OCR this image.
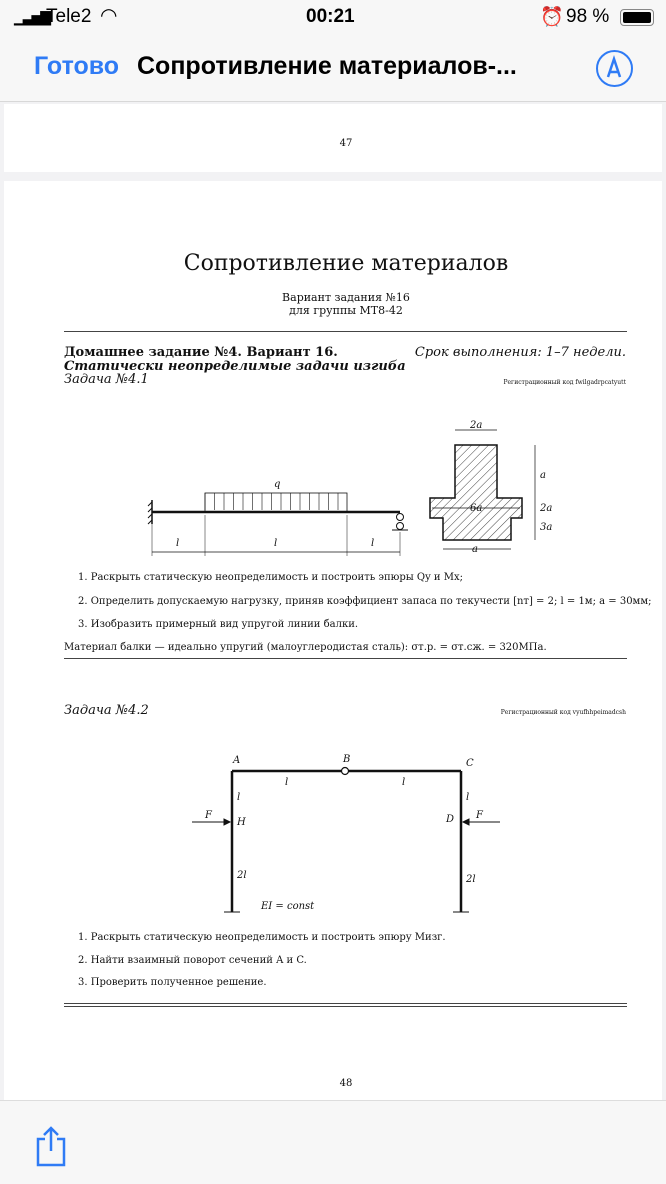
▁▃▅▇
Tele2 ◠	00:21	⏰ 98 %
Готово Сопротивление материалов-...
47
Сопротивление материалов
Вариант задания №16
для группы МТ8-42
Домашнее задание №4. Вариант 16.	Срок выполнения: 1–7 недели.
Статически неопределимые задачи изгиба
Задача №4.1	Регистрационный код fwilgadrpcatyutt
q
l	l	l
2a
a
6a	2a
3a
a
A	B	C
H	D
F	F
l	l
l	l
2l	2l
EI = const
1. Раскрыть статическую неопределимость и построить эпюры Qy и Mx;
2. Определить допускаемую нагрузку, приняв коэффициент запаса по текучести [nт] = 2; l = 1м; a = 30мм;
3. Изобразить примерный вид упругой линии балки.
Материал балки — идеально упругий (малоуглеродистая сталь): σт.р. = σт.сж. = 320МПа.
Задача №4.2	Регистрационный код vyufhhpeimadcsh
1. Раскрыть статическую неопределимость и построить эпюру Mизг.
2. Найти взаимный поворот сечений A и C.
3. Проверить полученное решение.
48
